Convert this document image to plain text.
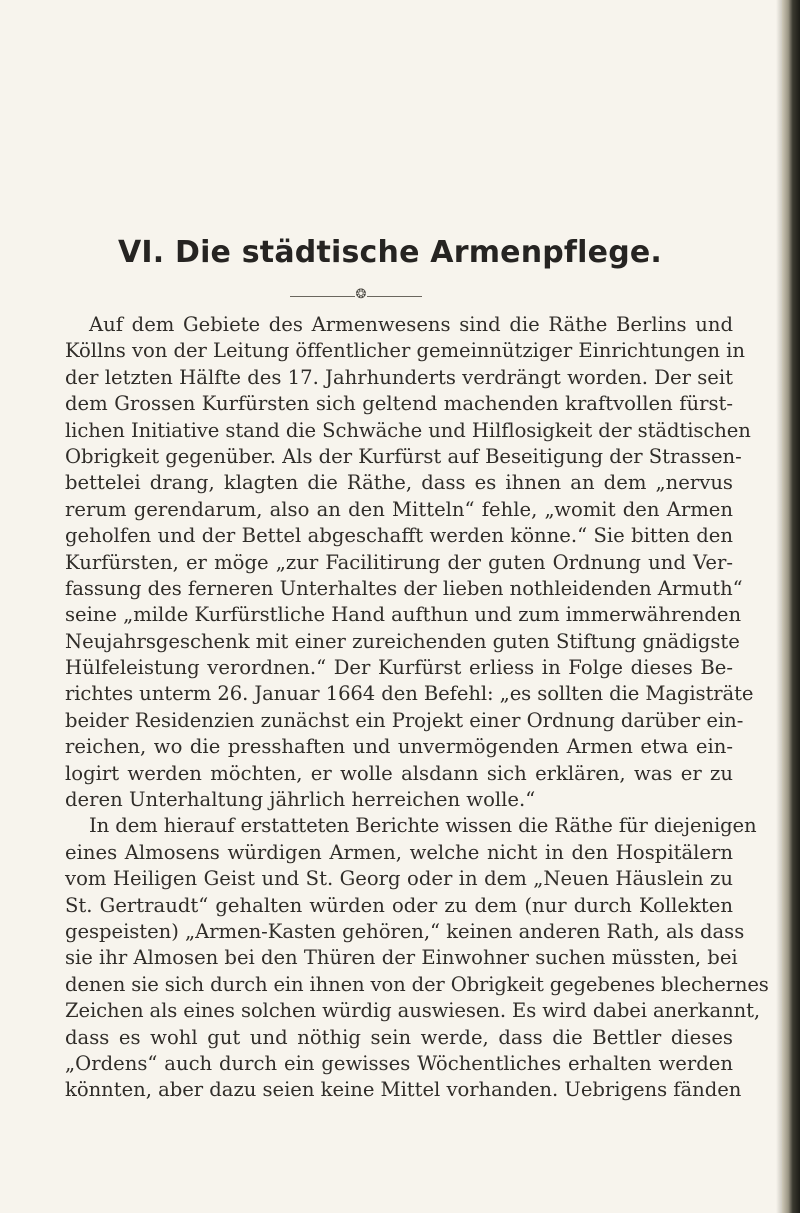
VI. Die städtische Armenpflege.
❂
Auf dem Gebiete des Armenwesens sind die Räthe Berlins und
Köllns von der Leitung öffentlicher gemeinnütziger Einrichtungen in
der letzten Hälfte des 17. Jahrhunderts verdrängt worden. Der seit
dem Grossen Kurfürsten sich geltend machenden kraftvollen fürst-
lichen Initiative stand die Schwäche und Hilflosigkeit der städtischen
Obrigkeit gegenüber. Als der Kurfürst auf Beseitigung der Strassen-
bettelei drang, klagten die Räthe, dass es ihnen an dem „nervus
rerum gerendarum, also an den Mitteln“ fehle, „womit den Armen
geholfen und der Bettel abgeschafft werden könne.“ Sie bitten den
Kurfürsten, er möge „zur Facilitirung der guten Ordnung und Ver-
fassung des ferneren Unterhaltes der lieben nothleidenden Armuth“
seine „milde Kurfürstliche Hand aufthun und zum immerwährenden
Neujahrsgeschenk mit einer zureichenden guten Stiftung gnädigste
Hülfeleistung verordnen.“ Der Kurfürst erliess in Folge dieses Be-
richtes unterm 26. Januar 1664 den Befehl: „es sollten die Magisträte
beider Residenzien zunächst ein Projekt einer Ordnung darüber ein-
reichen, wo die presshaften und unvermögenden Armen etwa ein-
logirt werden möchten, er wolle alsdann sich erklären, was er zu
deren Unterhaltung jährlich herreichen wolle.“
In dem hierauf erstatteten Berichte wissen die Räthe für diejenigen
eines Almosens würdigen Armen, welche nicht in den Hospitälern
vom Heiligen Geist und St. Georg oder in dem „Neuen Häuslein zu
St. Gertraudt“ gehalten würden oder zu dem (nur durch Kollekten
gespeisten) „Armen-Kasten gehören,“ keinen anderen Rath, als dass
sie ihr Almosen bei den Thüren der Einwohner suchen müssten, bei
denen sie sich durch ein ihnen von der Obrigkeit gegebenes blechernes
Zeichen als eines solchen würdig auswiesen. Es wird dabei anerkannt,
dass es wohl gut und nöthig sein werde, dass die Bettler dieses
„Ordens“ auch durch ein gewisses Wöchentliches erhalten werden
könnten, aber dazu seien keine Mittel vorhanden. Uebrigens fänden
